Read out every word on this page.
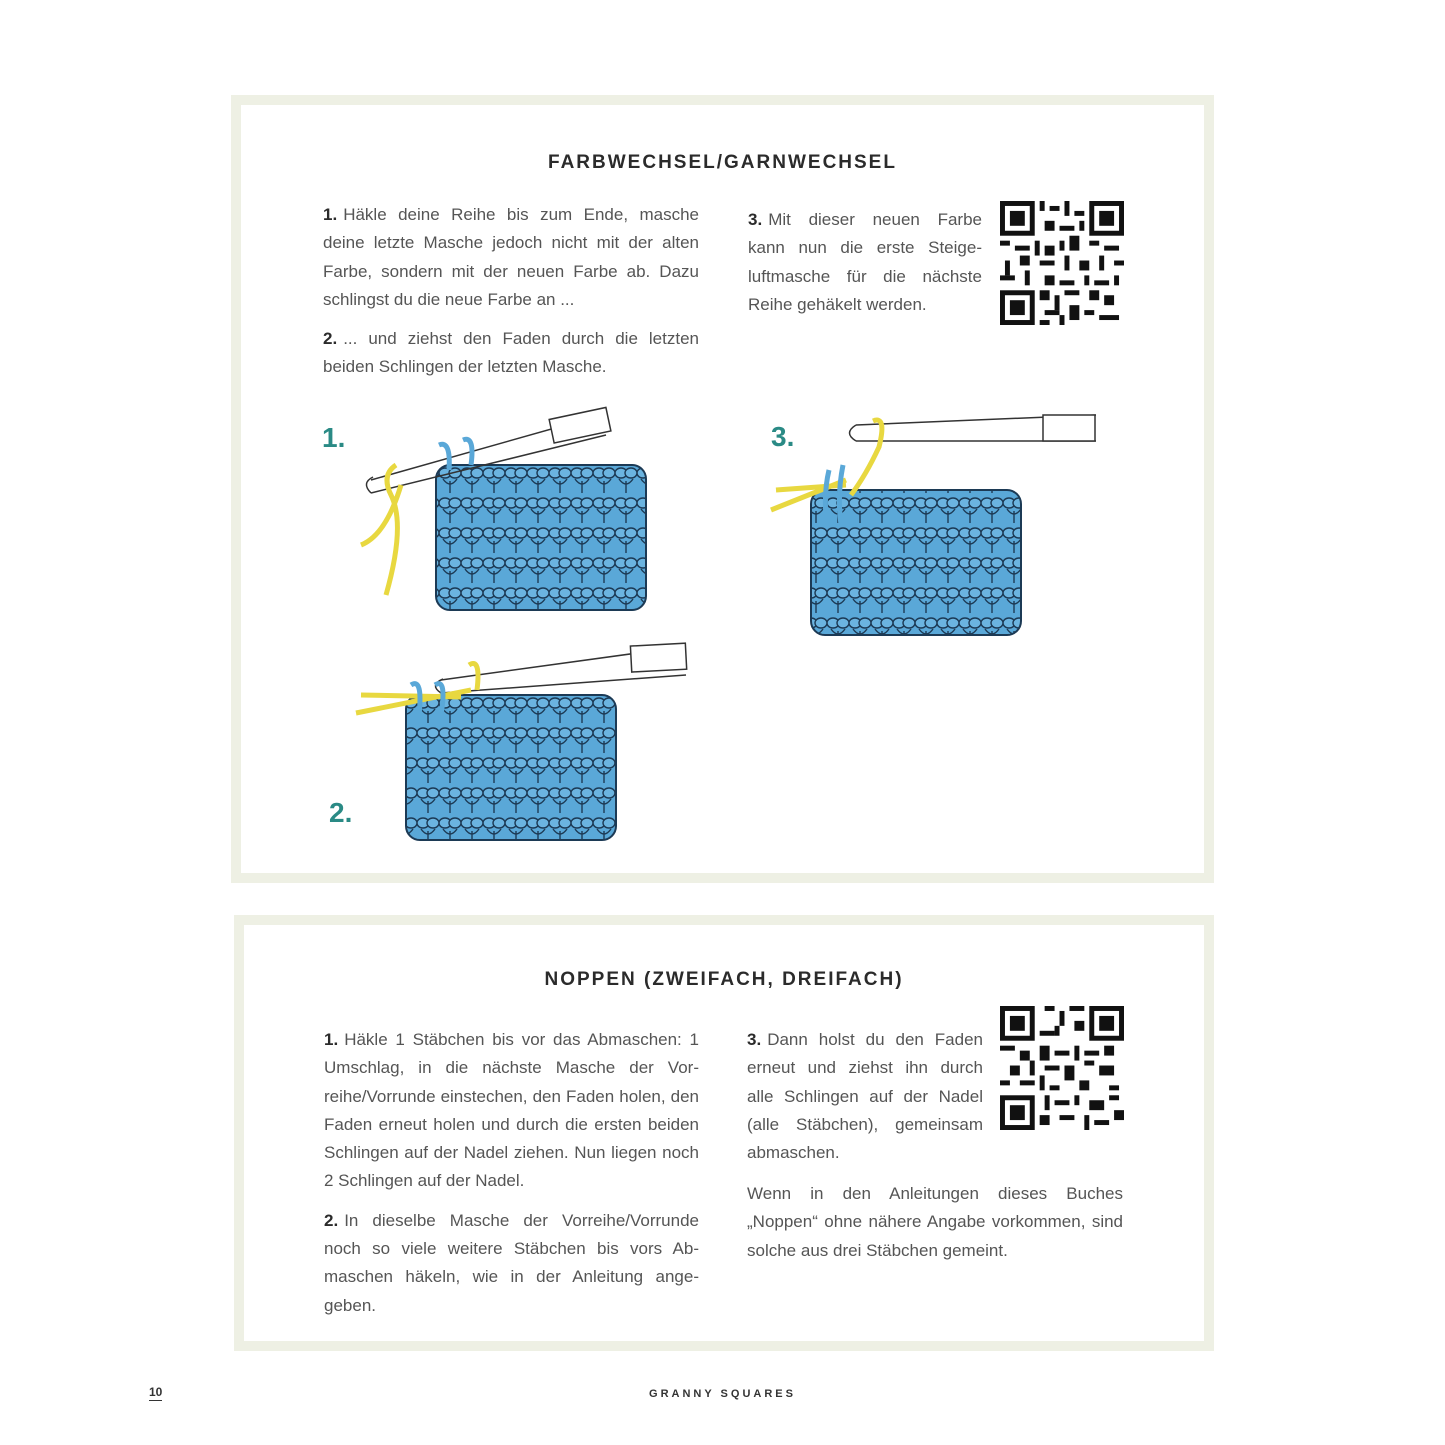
FARBWECHSEL/GARNWECHSEL

1. Häkle deine Reihe bis zum Ende, masche deine letzte Masche jedoch nicht mit der alten Farbe, sondern mit der neuen Farbe ab. Dazu schlingst du die neue Farbe an ...

2. ... und ziehst den Faden durch die letzten beiden Schlingen der letzten Masche.

3. Mit dieser neuen Farbe kann nun die erste Steigeluftmasche für die nächste Reihe gehäkelt werden.

1.
2.
3.
NOPPEN (ZWEIFACH, DREIFACH)

1. Häkle 1 Stäbchen bis vor das Abmaschen: 1 Umschlag, in die nächste Masche der Vorreihe/Vorrunde einstechen, den Faden holen, den Faden erneut holen und durch die ersten beiden Schlingen auf der Nadel ziehen. Nun liegen noch 2 Schlingen auf der Nadel.

2. In dieselbe Masche der Vorreihe/Vorrunde noch so viele weitere Stäbchen bis vors Abmaschen häkeln, wie in der Anleitung angegeben.

3. Dann holst du den Faden erneut und ziehst ihn durch alle Schlingen auf der Nadel (alle Stäbchen), gemeinsam abmaschen.

Wenn in den Anleitungen dieses Buches „Noppen“ ohne nähere Angabe vorkommen, sind solche aus drei Stäbchen gemeint.

10	GRANNY SQUARES
